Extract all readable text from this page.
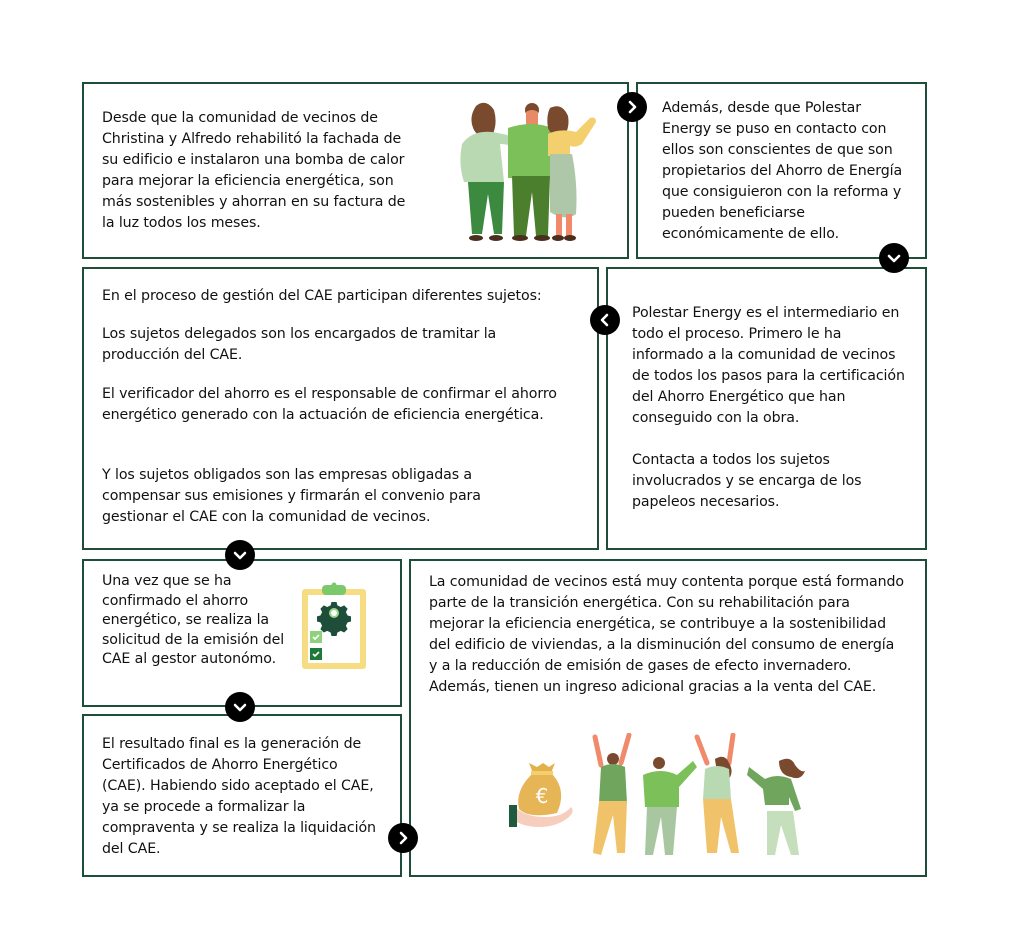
Desde que la comunidad de vecinos de Christina y Alfredo rehabilitó la fachada de su edificio e instalaron una bomba de calor para mejorar la eficiencia energética, son más sostenibles y ahorran en su factura de la luz todos los meses.
Además, desde que Polestar Energy se puso en contacto con ellos son conscientes de que son propietarios del Ahorro de Energía que consiguieron con la reforma y pueden beneficiarse económicamente de ello.
En el proceso de gestión del CAE participan diferentes sujetos:
Los sujetos delegados son los encargados de tramitar la producción del CAE.
El verificador del ahorro es el responsable de confirmar el ahorro energético generado con la actuación de eficiencia energética.
Y los sujetos obligados son las empresas obligadas a compensar sus emisiones y firmarán el convenio para gestionar el CAE con la comunidad de vecinos.
Polestar Energy es el intermediario en todo el proceso. Primero le ha informado a la comunidad de vecinos de todos los pasos para la certificación del Ahorro Energético que han conseguido con la obra.
Contacta a todos los sujetos involucrados y se encarga de los papeleos necesarios.
Una vez que se ha confirmado el ahorro energético, se realiza la solicitud de la emisión del CAE al gestor autonómo.
El resultado final es la generación de Certificados de Ahorro Energético (CAE). Habiendo sido aceptado el CAE, ya se procede a formalizar la compraventa y se realiza la liquidación del CAE.
La comunidad de vecinos está muy contenta porque está formando parte de la transición energética. Con su rehabilitación para mejorar la eficiencia energética, se contribuye a la sostenibilidad del edificio de viviendas, a la disminución del consumo de energía y a la reducción de emisión de gases de efecto invernadero. Además, tienen un ingreso adicional gracias a la venta del CAE.
€
